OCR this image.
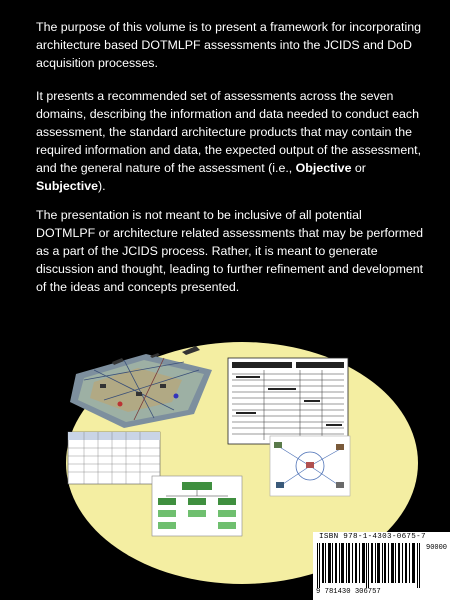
The purpose of this volume is to present a framework for incorporating architecture based DOTMLPF assessments into the JCIDS and DoD acquisition processes.

It presents a recommended set of assessments across the seven domains, describing the information and data needed to conduct each assessment, the standard architecture products that may contain the required information and data, the expected output of the assessment, and the general nature of the assessment (i.e., Objective or Subjective).

The presentation is not meant to be inclusive of all potential DOTMLPF or architecture related assessments that may be performed as a part of the JCIDS process. Rather, it is meant to generate discussion and thought, leading to further refinement and development of the ideas and concepts presented.

ISBN 978-1-4303-0675-7
90000
9 781430 306757
